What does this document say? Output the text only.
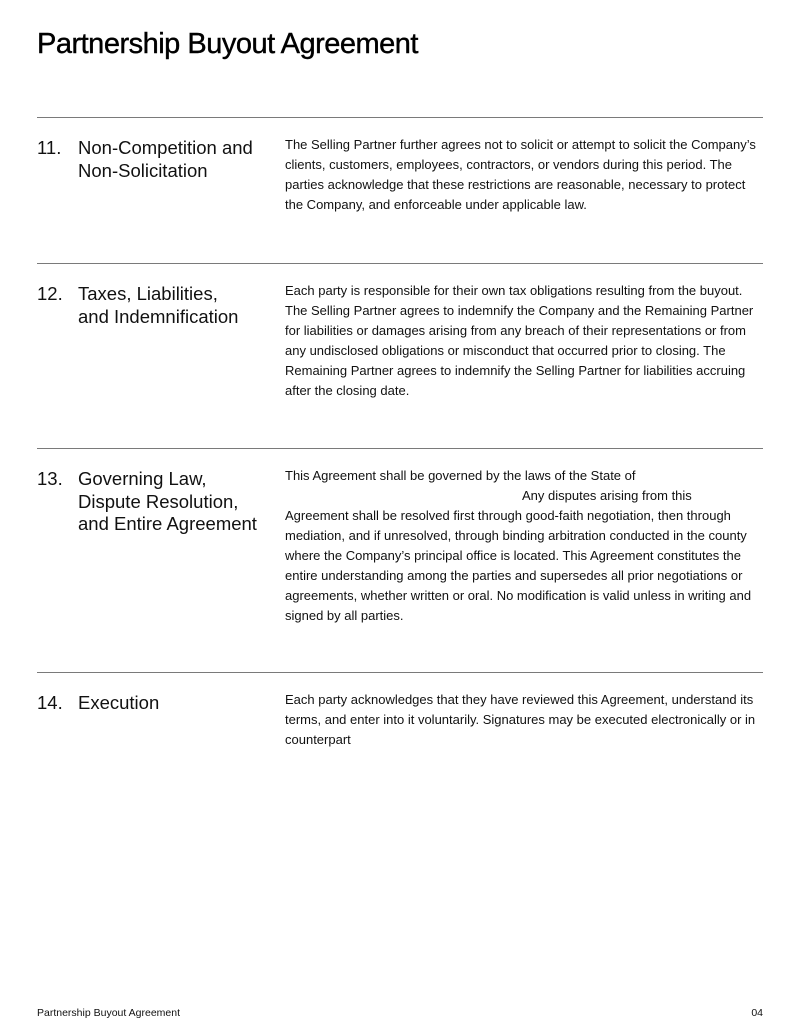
Partnership Buyout Agreement
11. Non-Competition and Non-Solicitation

The Selling Partner further agrees not to solicit or attempt to solicit the Company’s clients, customers, employees, contractors, or vendors during this period. The parties acknowledge that these restrictions are reasonable, necessary to protect the Company, and enforceable under applicable law.

12. Taxes, Liabilities, and Indemnification

Each party is responsible for their own tax obligations resulting from the buyout. The Selling Partner agrees to indemnify the Company and the Remaining Partner for liabilities or damages arising from any breach of their representations or from any undisclosed obligations or misconduct that occurred prior to closing. The Remaining Partner agrees to indemnify the Selling Partner for liabilities accruing after the closing date.

13. Governing Law, Dispute Resolution, and Entire Agreement
This Agreement shall be governed by the laws of the State of
Any disputes arising from this
Agreement shall be resolved first through good-faith negotiation, then through mediation, and if unresolved, through binding arbitration conducted in the county where the Company’s principal office is located. This Agreement constitutes the entire understanding among the parties and supersedes all prior negotiations or agreements, whether written or oral. No modification is valid unless in writing and signed by all parties.
14. Execution	Each party acknowledges that they have reviewed this Agreement, understand its terms, and enter into it voluntarily. Signatures may be executed electronically or in counterpart

Partnership Buyout Agreement	04
